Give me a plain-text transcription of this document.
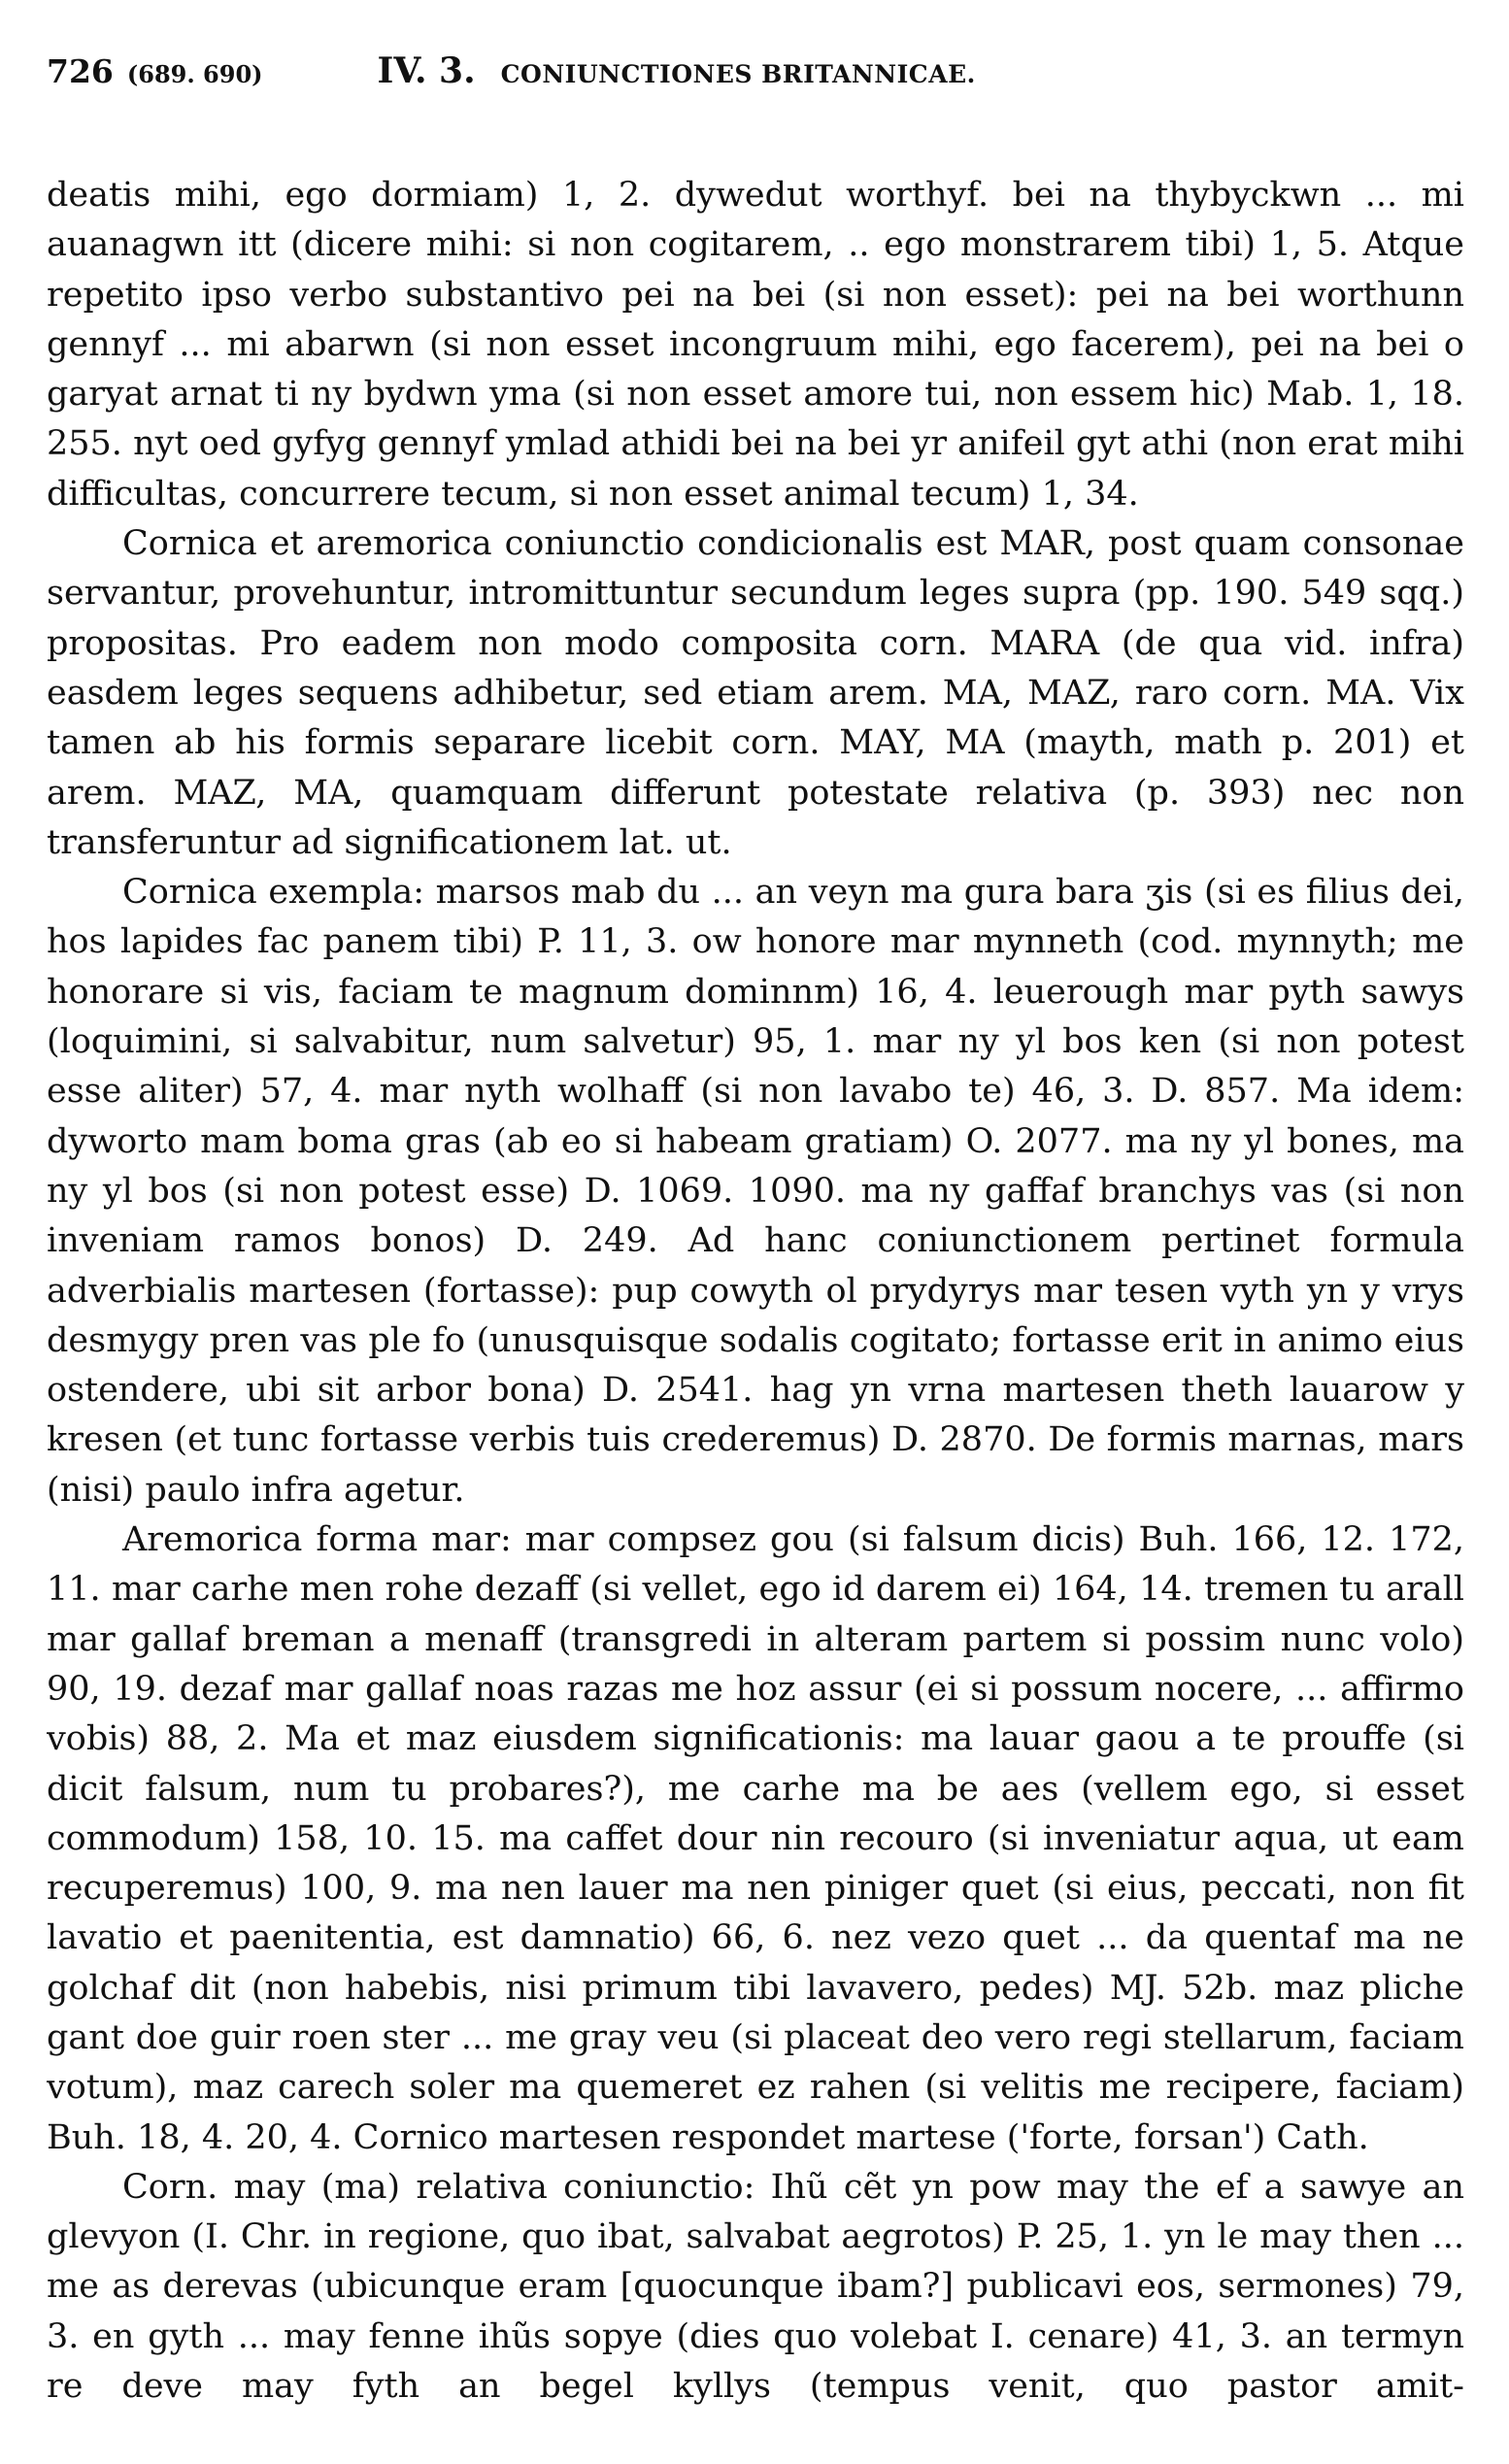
726 (689. 690)	IV. 3. CONIUNCTIONES BRITANNICAE.

deatis mihi, ego dormiam) 1, 2. dywedut worthyf. bei na thybyckwn ... mi auanagwn itt (dicere mihi: si non cogitarem, .. ego monstrarem tibi) 1, 5. Atque repetito ipso verbo substantivo pei na bei (si non esset): pei na bei worthunn gennyf ... mi abarwn (si non esset incongruum mihi, ego facerem), pei na bei o garyat arnat ti ny bydwn yma (si non esset amore tui, non essem hic) Mab. 1, 18. 255. nyt oed gyfyg gennyf ymlad athidi bei na bei yr anifeil gyt athi (non erat mihi difficultas, concurrere tecum, si non esset animal tecum) 1, 34.

Cornica et aremorica coniunctio condicionalis est MAR, post quam consonae servantur, provehuntur, intromittuntur secundum leges supra (pp. 190. 549 sqq.) propositas. Pro eadem non modo composita corn. MARA (de qua vid. infra) easdem leges sequens adhibetur, sed etiam arem. MA, MAZ, raro corn. MA. Vix tamen ab his formis separare licebit corn. MAY, MA (mayth, math p. 201) et arem. MAZ, MA, quamquam differunt potestate relativa (p. 393) nec non transferuntur ad significationem lat. ut.

Cornica exempla: marsos mab du ... an veyn ma gura bara ʒis (si es filius dei, hos lapides fac panem tibi) P. 11, 3. ow honore mar mynneth (cod. mynnyth; me honorare si vis, faciam te magnum dominnm) 16, 4. leuerough mar pyth sawys (loquimini, si salvabitur, num salvetur) 95, 1. mar ny yl bos ken (si non potest esse aliter) 57, 4. mar nyth wolhaff (si non lavabo te) 46, 3. D. 857. Ma idem: dyworto mam boma gras (ab eo si habeam gratiam) O. 2077. ma ny yl bones, ma ny yl bos (si non potest esse) D. 1069. 1090. ma ny gaffaf branchys vas (si non inveniam ramos bonos) D. 249. Ad hanc coniunctionem pertinet formula adverbialis martesen (fortasse): pup cowyth ol prydyrys mar tesen vyth yn y vrys desmygy pren vas ple fo (unusquisque sodalis cogitato; fortasse erit in animo eius ostendere, ubi sit arbor bona) D. 2541. hag yn vrna martesen theth lauarow y kresen (et tunc fortasse verbis tuis crederemus) D. 2870. De formis marnas, mars (nisi) paulo infra agetur.

Aremorica forma mar: mar compsez gou (si falsum dicis) Buh. 166, 12. 172, 11. mar carhe men rohe dezaff (si vellet, ego id darem ei) 164, 14. tremen tu arall mar gallaf breman a menaff (transgredi in alteram partem si possim nunc volo) 90, 19. dezaf mar gallaf noas razas me hoz assur (ei si possum nocere, ... affirmo vobis) 88, 2. Ma et maz eiusdem significationis: ma lauar gaou a te prouffe (si dicit falsum, num tu probares?), me carhe ma be aes (vellem ego, si esset commodum) 158, 10. 15. ma caffet dour nin recouro (si inveniatur aqua, ut eam recuperemus) 100, 9. ma nen lauer ma nen piniger quet (si eius, peccati, non fit lavatio et paenitentia, est damnatio) 66, 6. nez vezo quet ... da quentaf ma ne golchaf dit (non habebis, nisi primum tibi lavavero, pedes) MJ. 52b. maz pliche gant doe guir roen ster ... me gray veu (si placeat deo vero regi stellarum, faciam votum), maz carech soler ma quemeret ez rahen (si velitis me recipere, faciam) Buh. 18, 4. 20, 4. Cornico martesen respondet martese ('forte, forsan') Cath.

Corn. may (ma) relativa coniunctio: Ihũ cẽt yn pow may the ef a sawye an glevyon (I. Chr. in regione, quo ibat, salvabat aegrotos) P. 25, 1. yn le may then ... me as derevas (ubicunque eram [quocunque ibam?] publicavi eos, sermones) 79, 3. en gyth ... may fenne ihũs sopye (dies quo volebat I. cenare) 41, 3. an termyn re deve may fyth an begel kyllys (tempus venit, quo pastor amit-
